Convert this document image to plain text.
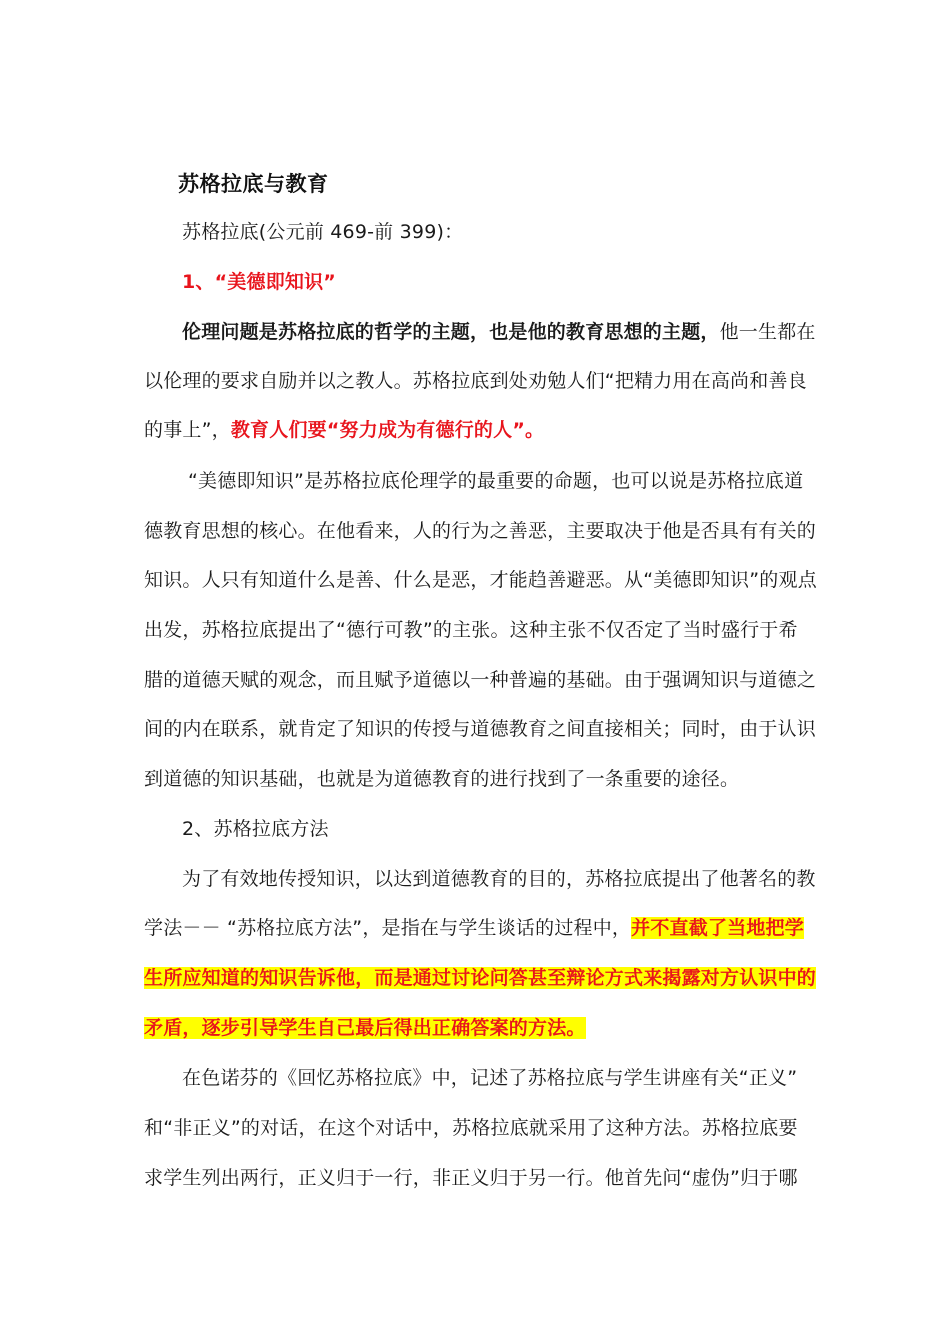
苏格拉底与教育
苏格拉底(公元前 469-前 399)：
1、“美德即知识”
伦理问题是苏格拉底的哲学的主题，也是他的教育思想的主题，他一生都在
以伦理的要求自励并以之教人。苏格拉底到处劝勉人们“把精力用在高尚和善良
的事上”，教育人们要“努力成为有德行的人”。
“美德即知识”是苏格拉底伦理学的最重要的命题，也可以说是苏格拉底道
德教育思想的核心。在他看来，人的行为之善恶，主要取决于他是否具有有关的
知识。人只有知道什么是善、什么是恶，才能趋善避恶。从“美德即知识”的观点
出发，苏格拉底提出了“德行可教”的主张。这种主张不仅否定了当时盛行于希
腊的道德天赋的观念，而且赋予道德以一种普遍的基础。由于强调知识与道德之
间的内在联系，就肯定了知识的传授与道德教育之间直接相关；同时，由于认识
到道德的知识基础，也就是为道德教育的进行找到了一条重要的途径。
2、苏格拉底方法
为了有效地传授知识，以达到道德教育的目的，苏格拉底提出了他著名的教
学法－－ “苏格拉底方法”，是指在与学生谈话的过程中，并不直截了当地把学
生所应知道的知识告诉他，而是通过讨论问答甚至辩论方式来揭露对方认识中的
矛盾，逐步引导学生自己最后得出正确答案的方法。
在色诺芬的《回忆苏格拉底》中，记述了苏格拉底与学生讲座有关“正义”
和“非正义”的对话，在这个对话中，苏格拉底就采用了这种方法。苏格拉底要
求学生列出两行，正义归于一行，非正义归于另一行。他首先问“虚伪”归于哪
